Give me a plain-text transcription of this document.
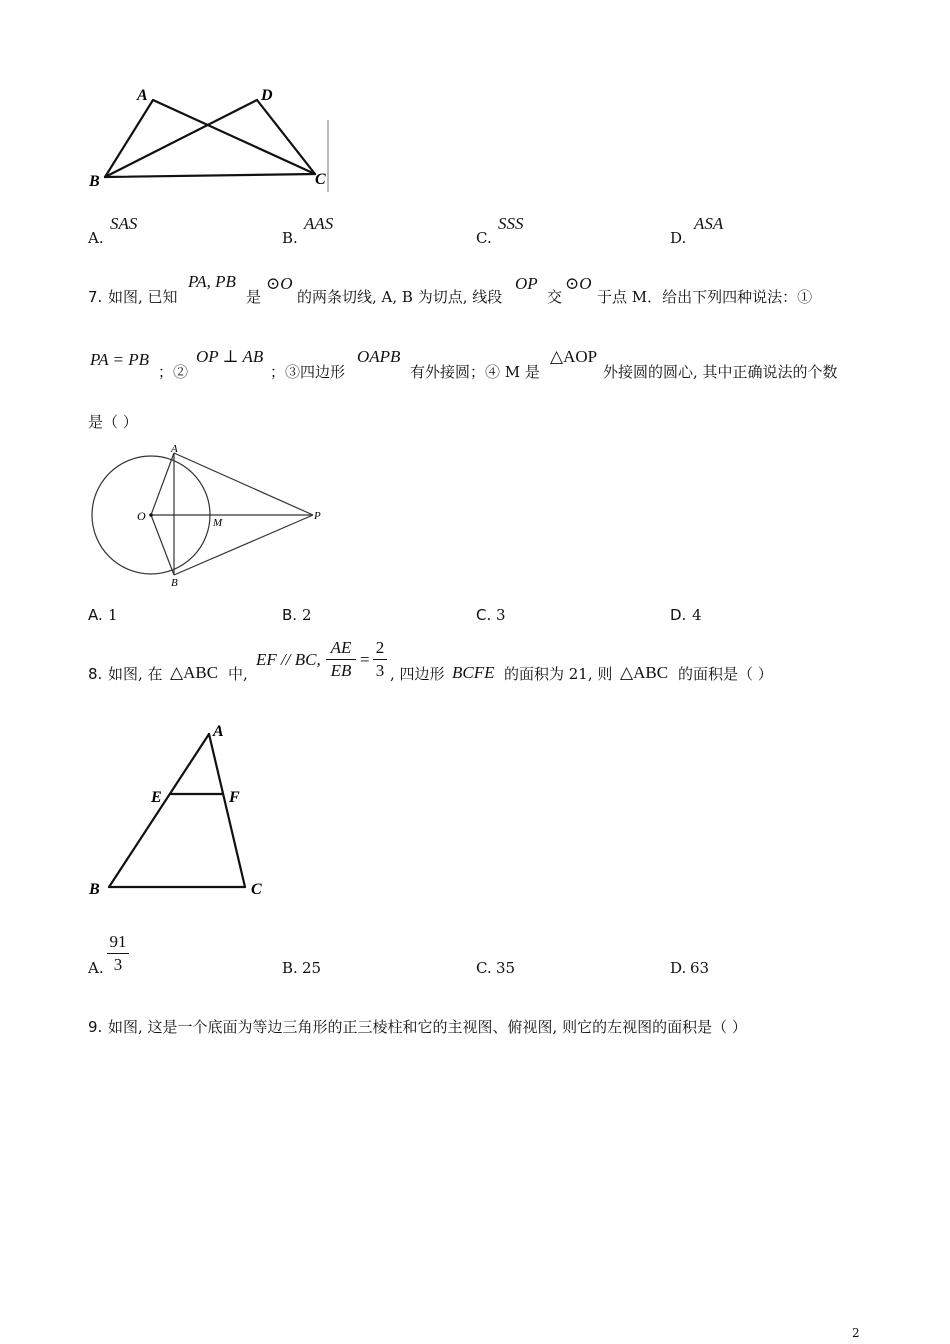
A	D
B	C
A.
SAS
B.
AAS
C.
SSS
D.
ASA
7. 如图, 已知
PA, PB
是
⊙O
的两条切线, A, B 为切点, 线段
OP
交
⊙O
于点 M．给出下列四种说法：①
PA = PB
；②
OP ⊥ AB
；③四边形
OAPB
有外接圆；④ M 是
△AOP
外接圆的圆心, 其中正确说法的个数
是（ ）
A
O	M
P
B
A. 1	B. 2	C. 3	D. 4
8. 如图, 在 △ABC 中,
EF // BC,
AE
EB
=
2
3 , 四边形 BCFE 的面积为 21, 则 △ABC 的面积是（ ）
A
E	F
B	C
A.
91
3	B. 25	C. 35	D. 63
9. 如图, 这是一个底面为等边三角形的正三棱柱和它的主视图、俯视图, 则它的左视图的面积是（ ）
2
